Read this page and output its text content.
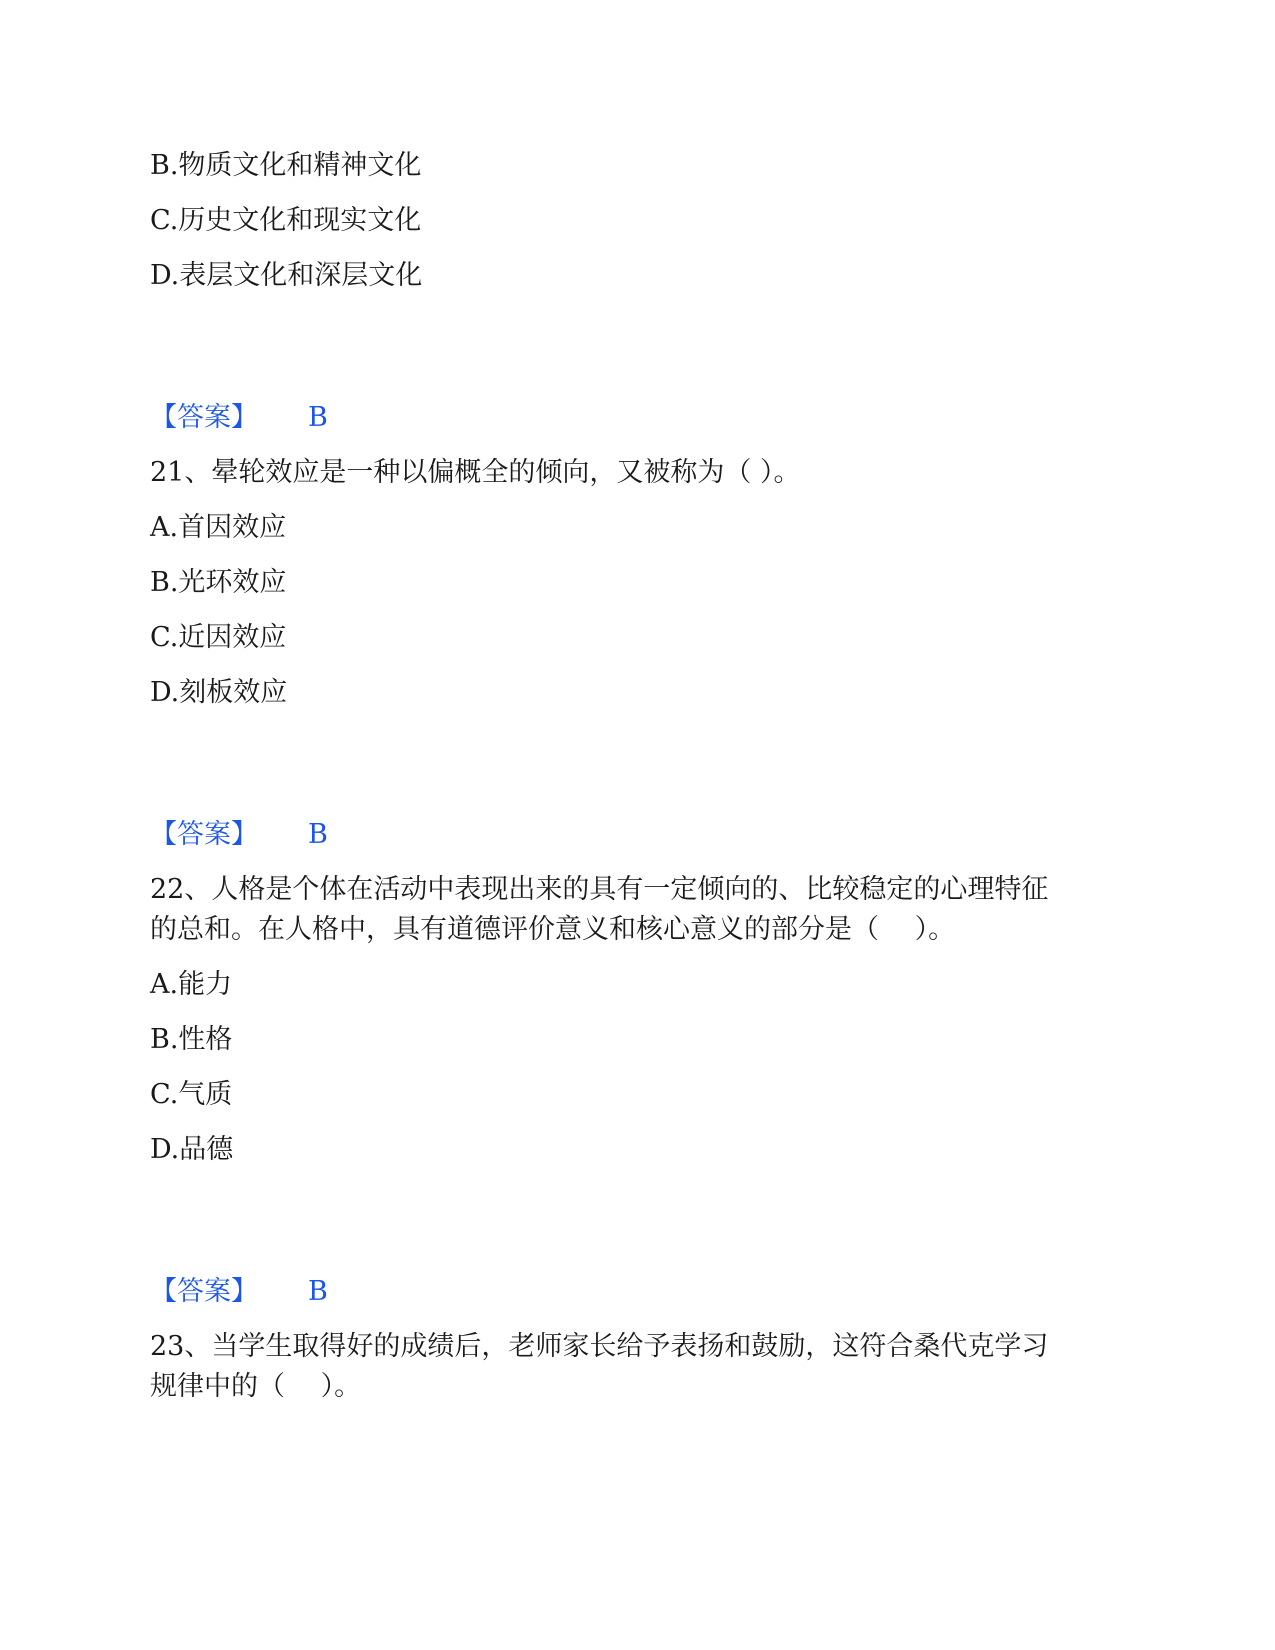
B.物质文化和精神文化
C.历史文化和现实文化
D.表层文化和深层文化
【答案】 B
21、晕轮效应是一种以偏概全的倾向，又被称为（ ）。
A.首因效应
B.光环效应
C.近因效应
D.刻板效应
【答案】 B
22、人格是个体在活动中表现出来的具有一定倾向的、比较稳定的心理特征
的总和。在人格中，具有道德评价意义和核心意义的部分是（　 ）。
A.能力
B.性格
C.气质
D.品德
【答案】 B
23、当学生取得好的成绩后，老师家长给予表扬和鼓励，这符合桑代克学习
规律中的（　 ）。
